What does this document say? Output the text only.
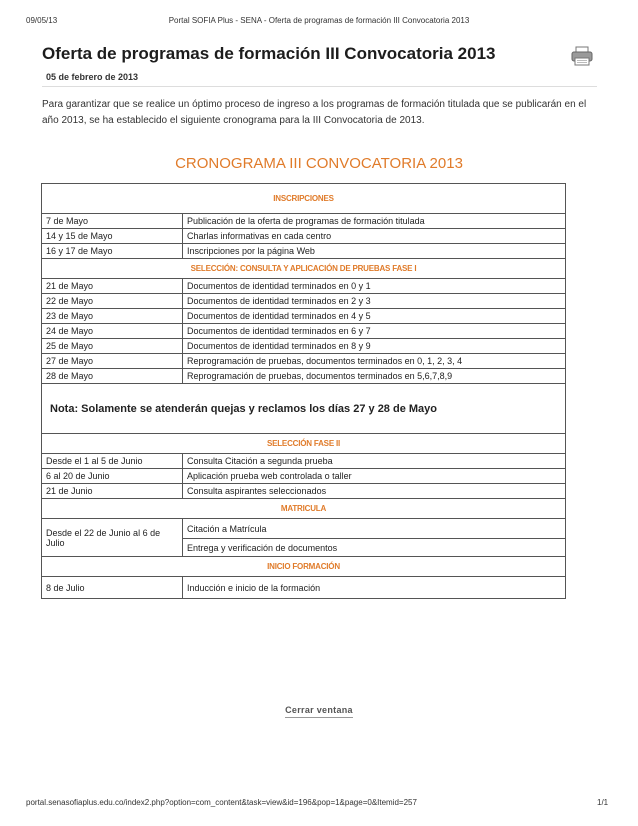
09/05/13	Portal SOFIA Plus - SENA - Oferta de programas de formación III Convocatoria 2013
Oferta de programas de formación III Convocatoria 2013
05 de febrero de 2013
Para garantizar que se realice un óptimo proceso de ingreso a los programas de formación titulada que se publicarán en el año 2013, se ha establecido el siguiente cronograma para la III Convocatoria de 2013.
CRONOGRAMA III CONVOCATORIA 2013
INSCRIPCIONES	
7 de Mayo	Publicación de la oferta de programas de formación titulada
14 y 15 de Mayo	Charlas informativas en cada centro
16 y 17 de Mayo	Inscripciones por la página Web
SELECCIÓN: CONSULTA Y APLICACIÓN DE PRUEBAS FASE I	
21 de Mayo	Documentos de identidad terminados en 0 y 1
22 de Mayo	Documentos de identidad terminados en 2 y 3
23 de Mayo	Documentos de identidad terminados en 4 y 5
24 de Mayo	Documentos de identidad terminados en 6 y 7
25 de Mayo	Documentos de identidad terminados en 8 y 9
27 de Mayo	Reprogramación de pruebas, documentos terminados en 0, 1, 2, 3, 4
28 de Mayo	Reprogramación de pruebas, documentos terminados en 5,6,7,8,9
Nota: Solamente se atenderán quejas y reclamos los días 27 y 28 de Mayo	
SELECCIÓN FASE II	
Desde el 1 al 5 de Junio	Consulta Citación a segunda prueba
6 al 20 de Junio	Aplicación prueba web controlada o taller
21 de Junio	Consulta aspirantes seleccionados
MATRICULA	
Desde el 22 de Junio al 6 de Julio	Citación a Matrícula
	Entrega y verificación de documentos
INICIO FORMACIÓN	
8 de Julio	Inducción e inicio de la formación
Cerrar ventana
portal.senasofiaplus.edu.co/index2.php?option=com_content&task=view&id=196&pop=1&page=0&Itemid=257	1/1
